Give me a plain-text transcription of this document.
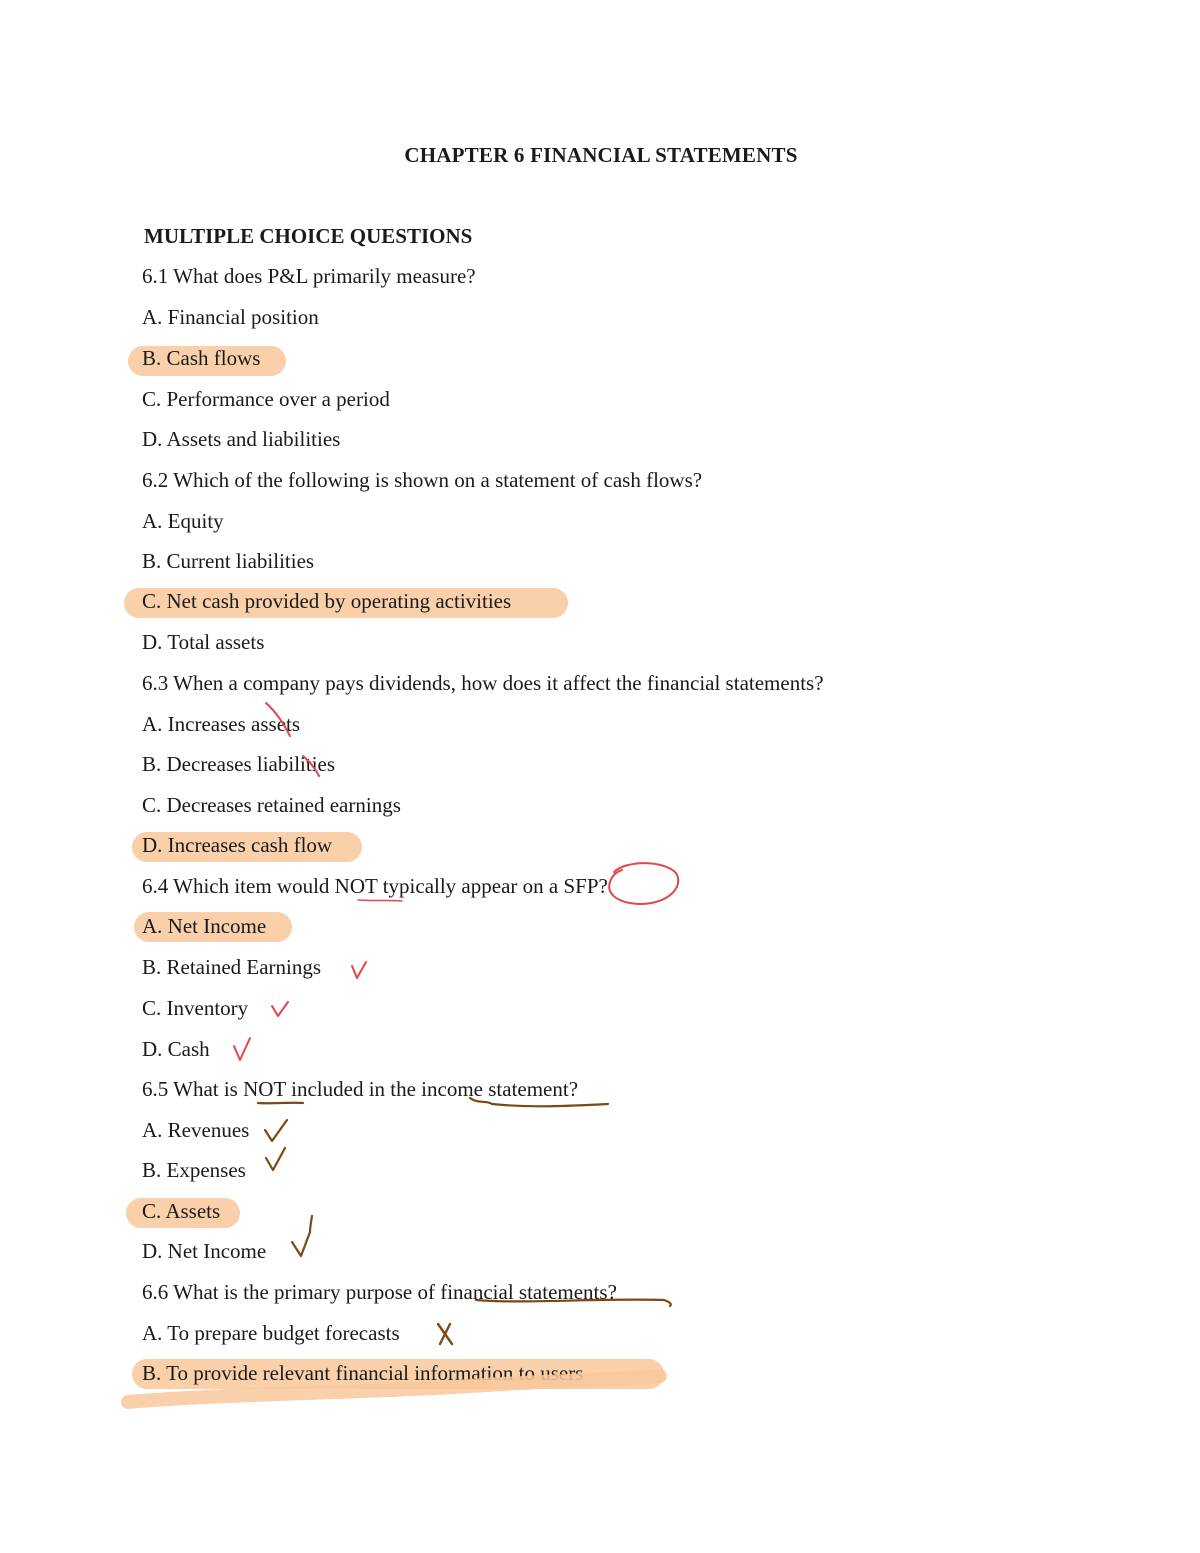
CHAPTER 6 FINANCIAL STATEMENTS
MULTIPLE CHOICE QUESTIONS
6.1 What does P&L primarily measure?
A. Financial position
B. Cash flows
C. Performance over a period
D. Assets and liabilities
6.2 Which of the following is shown on a statement of cash flows?
A. Equity
B. Current liabilities
C. Net cash provided by operating activities
D. Total assets
6.3 When a company pays dividends, how does it affect the financial statements?
A. Increases assets
B. Decreases liabilities
C. Decreases retained earnings
D. Increases cash flow
6.4 Which item would NOT typically appear on a SFP?
A. Net Income
B. Retained Earnings
C. Inventory
D. Cash
6.5 What is NOT included in the income statement?
A. Revenues
B. Expenses
C. Assets
D. Net Income
6.6 What is the primary purpose of financial statements?
A. To prepare budget forecasts
B. To provide relevant financial information to users
